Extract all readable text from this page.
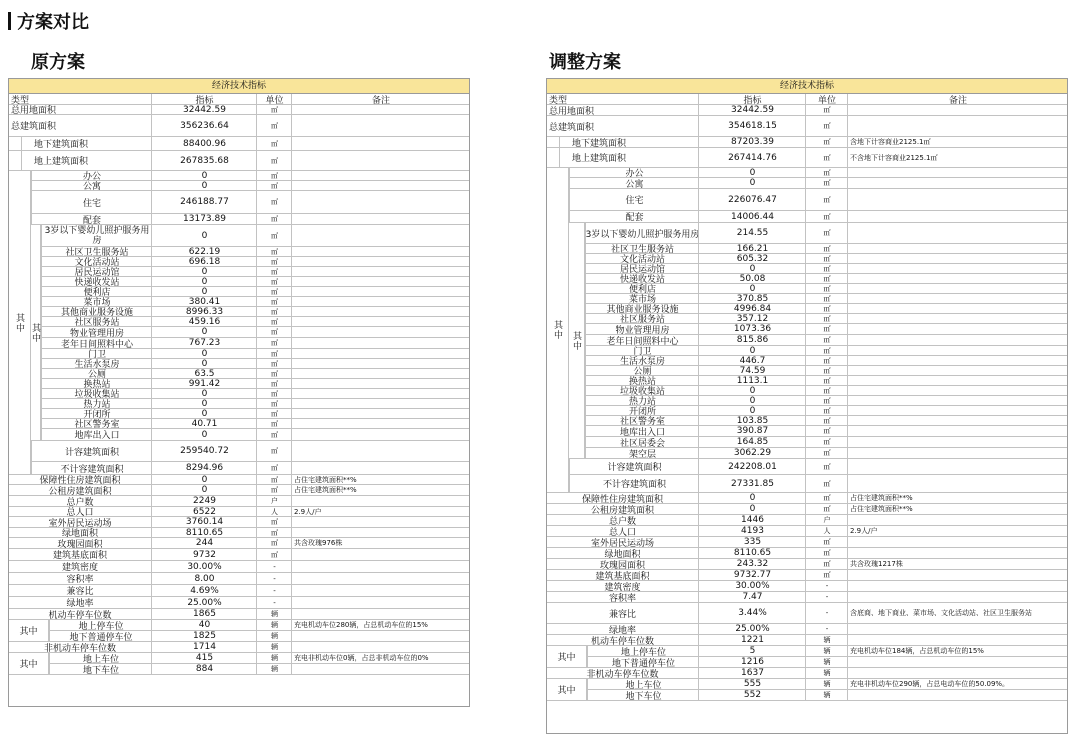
方案对比
原方案	调整方案
经济技术指标
类型	指标	单位	备注
总用地面积	32442.59	㎡
总建筑面积	356236.64	㎡
地下建筑面积	88400.96	㎡
地上建筑面积	267835.68	㎡
办公	0	㎡
公寓	0	㎡
住宅	246188.77	㎡
配套	13173.89	㎡
3岁以下婴幼儿照护服务用房	0	㎡
社区卫生服务站	622.19	㎡
文化活动站	696.18	㎡
居民运动馆	0	㎡
快递收发站	0	㎡
便利店	0	㎡
菜市场	380.41	㎡
其他商业服务设施	8996.33	㎡
社区服务站	459.16	㎡
物业管理用房	0	㎡
老年日间照料中心	767.23	㎡
门卫	0	㎡
生活水泵房	0	㎡
公厕	63.5	㎡
换热站	991.42	㎡
垃圾收集站	0	㎡
热力站	0	㎡
开闭所	0	㎡
社区警务室	40.71	㎡
地库出入口	0	㎡
计容建筑面积	259540.72	㎡
不计容建筑面积	8294.96	㎡
保障性住房建筑面积	0	㎡	占住宅建筑面积**%
公租房建筑面积	0	㎡	占住宅建筑面积**%
总户数	2249	户
总人口	6522	人	2.9人/户
室外居民运动场	3760.14	㎡
绿地面积	8110.65	㎡
玫瑰园面积	244	㎡	共含玫瑰976株
建筑基底面积	9732	㎡
建筑密度	30.00%	-
容积率	8.00	-
兼容比	4.69%	-
绿地率	25.00%	-
机动车停车位数	1865	辆
地上停车位	40	辆	充电机动车位280辆，占总机动车位的15%
地下普通停车位	1825	辆
非机动车停车位数	1714	辆
地上车位	415	辆	充电非机动车位0辆，占总非机动车位的0%
地下车位	884	辆
其中 其中
其中
其中
经济技术指标
类型	指标	单位	备注
总用地面积	32442.59	㎡
总建筑面积	354618.15	㎡
地下建筑面积	87203.39	㎡	含地下计容商业2125.1㎡
地上建筑面积	267414.76	㎡	不含地下计容商业2125.1㎡
办公	0	㎡
公寓	0	㎡
住宅	226076.47	㎡
配套	14006.44	㎡
3岁以下婴幼儿照护服务用房	214.55	㎡
社区卫生服务站	166.21	㎡
文化活动站	605.32	㎡
居民运动馆	0	㎡
快递收发站	50.08	㎡
便利店	0	㎡
菜市场	370.85	㎡
其他商业服务设施	4996.84	㎡
社区服务站	357.12	㎡
物业管理用房	1073.36	㎡
老年日间照料中心	815.86	㎡
门卫	0	㎡
生活水泵房	446.7	㎡
公厕	74.59	㎡
换热站	1113.1	㎡
垃圾收集站	0	㎡
热力站	0	㎡
开闭所	0	㎡
社区警务室	103.85	㎡
地库出入口	390.87	㎡
社区居委会	164.85	㎡
架空层	3062.29	㎡
计容建筑面积	242208.01	㎡
不计容建筑面积	27331.85	㎡
保障性住房建筑面积	0	㎡	占住宅建筑面积**%
公租房建筑面积	0	㎡	占住宅建筑面积**%
总户数	1446	户
总人口	4193	人	2.9人/户
室外居民运动场	335	㎡
绿地面积	8110.65	㎡
玫瑰园面积	243.32	㎡	共含玫瑰1217株
建筑基底面积	9732.77	㎡
建筑密度	30.00%	-
容积率	7.47	-
兼容比	3.44%	-	含底商、地下商业、菜市场、文化活动站、社区卫生服务站
绿地率	25.00%	-
机动车停车位数	1221	辆
地上停车位	5	辆	充电机动车位184辆，占总机动车位的15%
地下普通停车位	1216	辆
非机动车停车位数	1637	辆
地上车位	555	辆	充电非机动车位290辆，占总电动车位的50.09%。
地下车位	552	辆
其中
其中
其中
其中
